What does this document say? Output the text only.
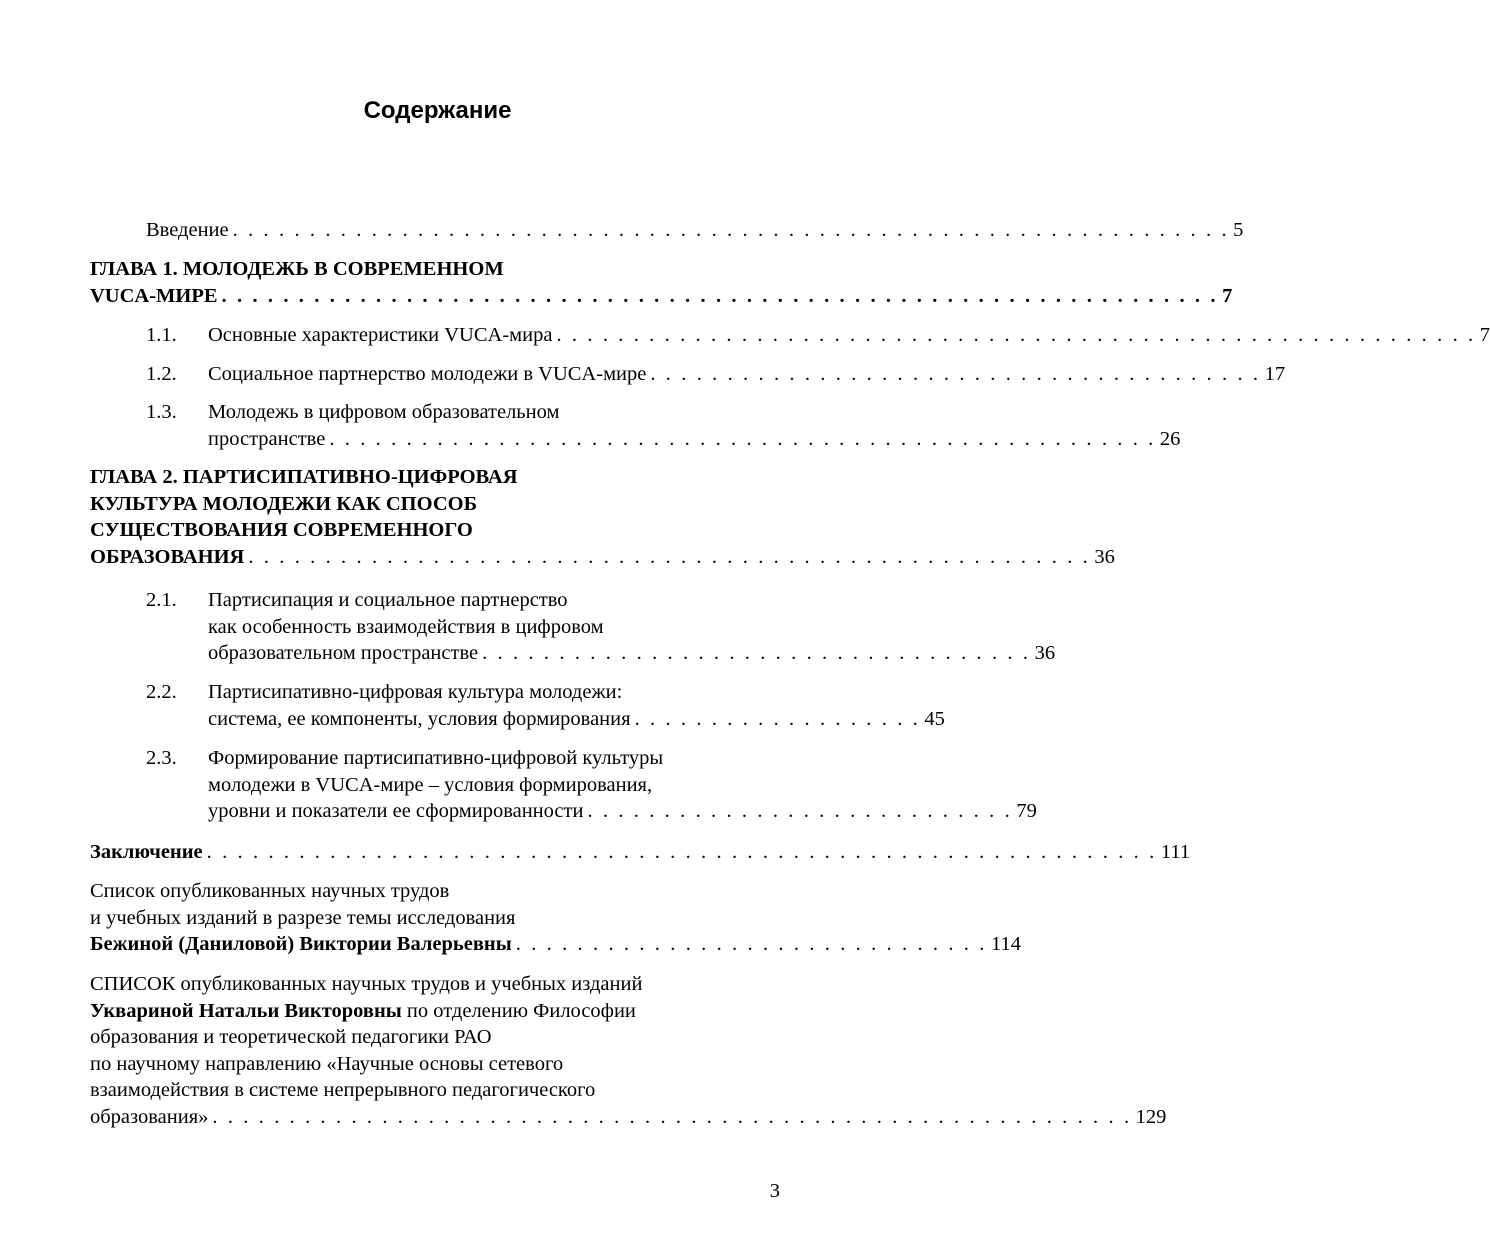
Содержание
Введение . . . . . . . . . . . . . . . . . . . . . . . . . . . . . . . . . . . . . . . . . . . . . . . . . . . . . . . . . . . . . . . . . 5
ГЛАВА 1. МОЛОДЕЖЬ В СОВРЕМЕННОМ
VUCA-МИРЕ . . . . . . . . . . . . . . . . . . . . . . . . . . . . . . . . . . . . . . . . . . . . . . . . . . . . . . . . . . . . . . . . . 7
1.1. Основные характеристики VUCA-мира . . . . . . . . . . . . . . . . . . . . . . . . . . . . . . . . . . . . . . . . . . . . . . . . . . . . . . . . . . . . 7
1.2. Социальное партнерство молодежи в VUCA-мире . . . . . . . . . . . . . . . . . . . . . . . . . . . . . . . . . . . . . . . . 17
1.3. Молодежь в цифровом образовательном
пространстве . . . . . . . . . . . . . . . . . . . . . . . . . . . . . . . . . . . . . . . . . . . . . . . . . . . . . . 26
ГЛАВА 2. ПАРТИСИПАТИВНО-ЦИФРОВАЯ
КУЛЬТУРА МОЛОДЕЖИ КАК СПОСОБ
СУЩЕСТВОВАНИЯ СОВРЕМЕННОГО
ОБРАЗОВАНИЯ . . . . . . . . . . . . . . . . . . . . . . . . . . . . . . . . . . . . . . . . . . . . . . . . . . . . . . . 36
2.1. Партисипация и социальное партнерство
как особенность взаимодействия в цифровом
образовательном пространстве . . . . . . . . . . . . . . . . . . . . . . . . . . . . . . . . . . . . 36
2.2. Партисипативно-цифровая культура молодежи:
система, ее компоненты, условия формирования . . . . . . . . . . . . . . . . . . . 45
2.3. Формирование партисипативно-цифровой культуры
молодежи в VUCA-мире – условия формирования,
уровни и показатели ее сформированности . . . . . . . . . . . . . . . . . . . . . . . . . . . . 79
Заключение . . . . . . . . . . . . . . . . . . . . . . . . . . . . . . . . . . . . . . . . . . . . . . . . . . . . . . . . . . . . . . 111
Список опубликованных научных трудов
и учебных изданий в разрезе темы исследования
Бежиной (Даниловой) Виктории Валерьевны . . . . . . . . . . . . . . . . . . . . . . . . . . . . . . . 114
СПИСОК опубликованных научных трудов и учебных изданий
Уквариной Натальи Викторовны по отделению Философии
образования и теоретической педагогики РАО
по научному направлению «Научные основы сетевого
взаимодействия в системе непрерывного педагогического
образования» . . . . . . . . . . . . . . . . . . . . . . . . . . . . . . . . . . . . . . . . . . . . . . . . . . . . . . . . . . . . 129
3
